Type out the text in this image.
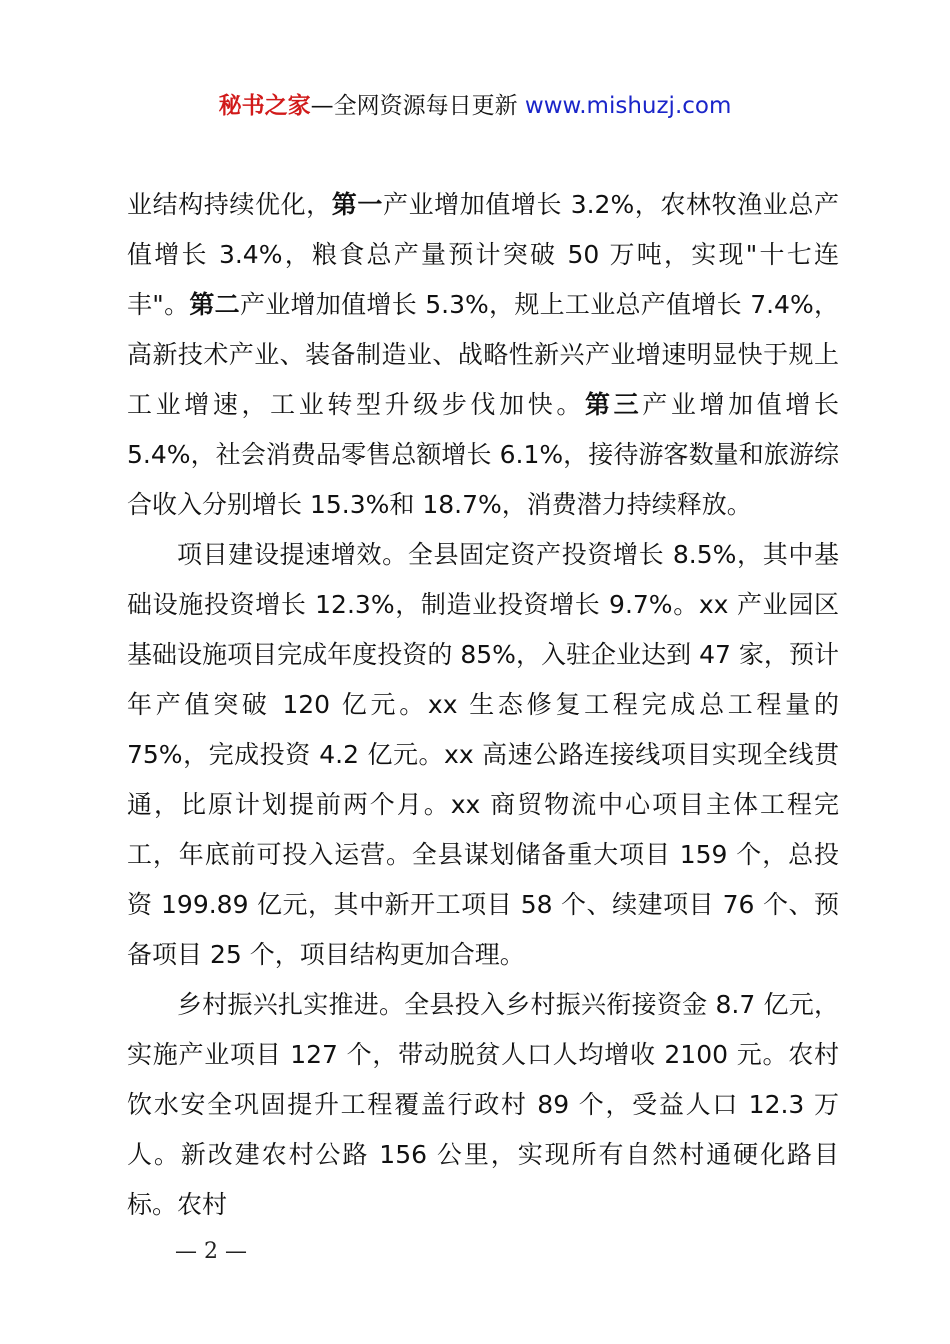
秘书之家—全网资源每日更新 www.mishuzj.com

业结构持续优化，第一产业增加值增长 3.2%，农林牧渔业总产值增长 3.4%，粮食总产量预计突破 50 万吨，实现"十七连丰"。第二产业增加值增长 5.3%，规上工业总产值增长 7.4%，高新技术产业、装备制造业、战略性新兴产业增速明显快于规上工业增速，工业转型升级步伐加快。第三产业增加值增长 5.4%，社会消费品零售总额增长 6.1%，接待游客数量和旅游综合收入分别增长 15.3%和 18.7%，消费潜力持续释放。

项目建设提速增效。全县固定资产投资增长 8.5%，其中基础设施投资增长 12.3%，制造业投资增长 9.7%。xx 产业园区基础设施项目完成年度投资的 85%，入驻企业达到 47 家，预计年产值突破 120 亿元。xx 生态修复工程完成总工程量的 75%，完成投资 4.2 亿元。xx 高速公路连接线项目实现全线贯通，比原计划提前两个月。xx 商贸物流中心项目主体工程完工，年底前可投入运营。全县谋划储备重大项目 159 个，总投资 199.89 亿元，其中新开工项目 58 个、续建项目 76 个、预备项目 25 个，项目结构更加合理。

乡村振兴扎实推进。全县投入乡村振兴衔接资金 8.7 亿元，实施产业项目 127 个，带动脱贫人口人均增收 2100 元。农村饮水安全巩固提升工程覆盖行政村 89 个，受益人口 12.3 万人。新改建农村公路 156 公里，实现所有自然村通硬化路目标。农村

— 2 —
